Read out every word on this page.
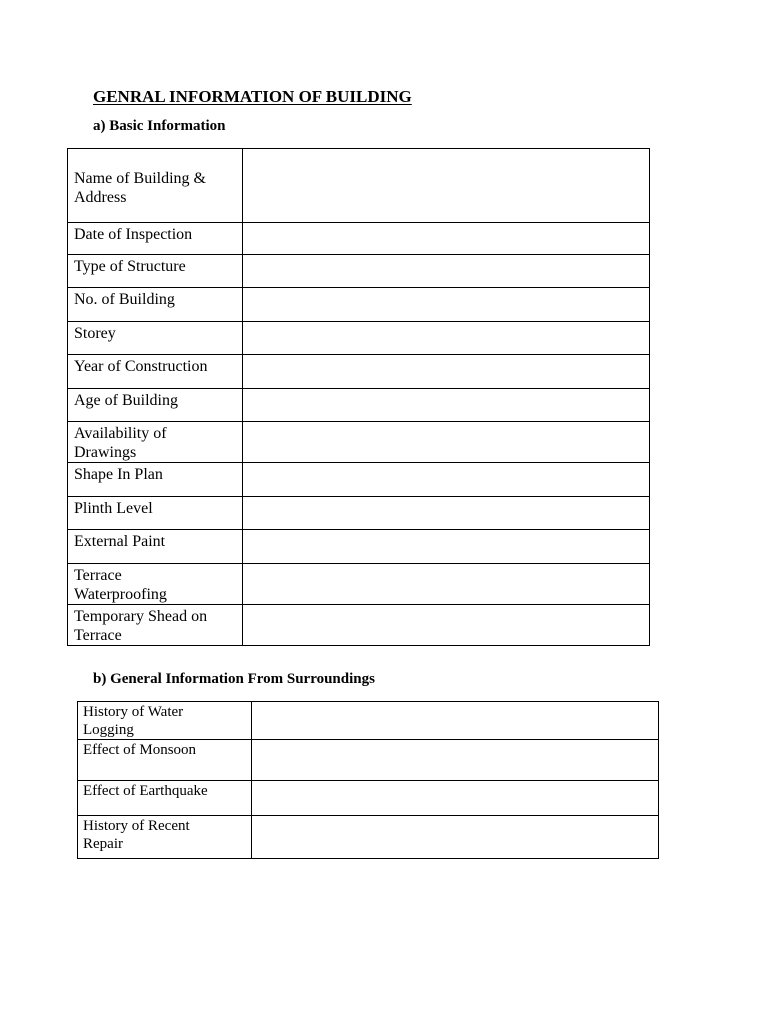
GENRAL INFORMATION OF BUILDING
a) Basic Information
Name of Building &
Address	

Date of Inspection	

Type of Structure	

No. of Building	

Storey	

Year of Construction	

Age of Building	

Availability of
Drawings	

Shape In Plan	

Plinth Level	

External Paint	

Terrace
Waterproofing	

Temporary Shead on
Terrace	

b) General Information From Surroundings
History of Water
Logging	

Effect of Monsoon	

Effect of Earthquake	

History of Recent
Repair	
